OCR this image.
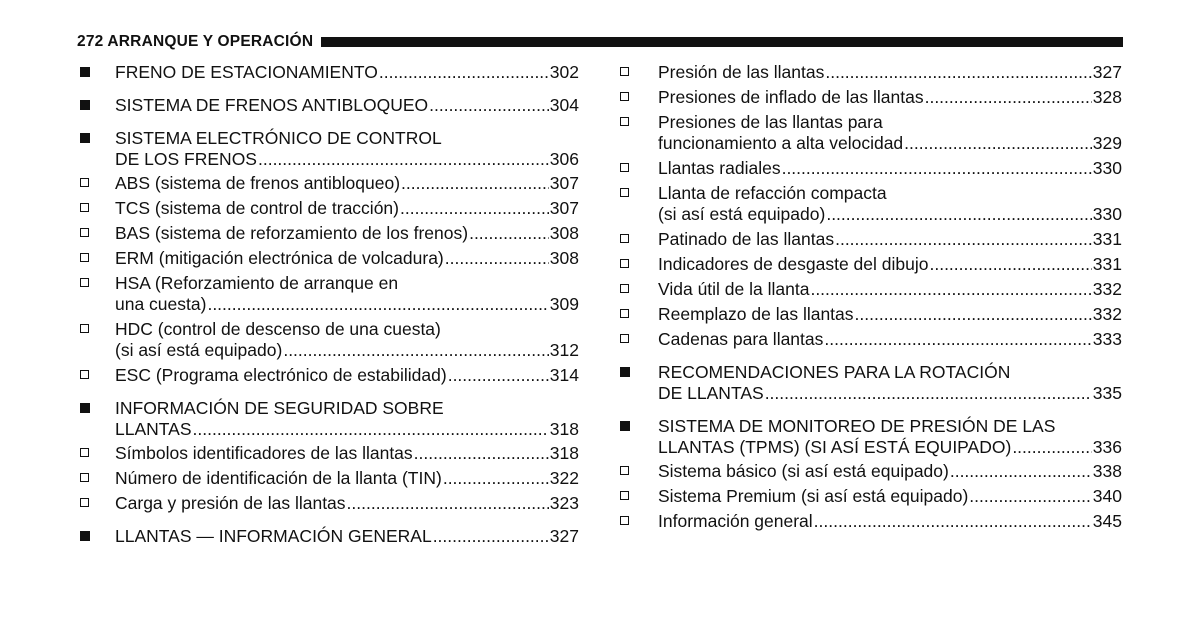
272 ARRANQUE Y OPERACIÓN
FRENO DE ESTACIONAMIENTO .....	302
SISTEMA DE FRENOS ANTIBLOQUEO .....	304
SISTEMA ELECTRÓNICO DE CONTROL
DE LOS FRENOS .....	306
ABS (sistema de frenos antibloqueo) .....	307
TCS (sistema de control de tracción) .....	307
BAS (sistema de reforzamiento de los frenos) .....	308
ERM (mitigación electrónica de volcadura) .....	308
HSA (Reforzamiento de arranque en
una cuesta) .....	309
HDC (control de descenso de una cuesta)
(si así está equipado) .....	312
ESC (Programa electrónico de estabilidad) .....	314
INFORMACIÓN DE SEGURIDAD SOBRE
LLANTAS .....	318
Símbolos identificadores de las llantas .....	318
Número de identificación de la llanta (TIN) .....	322
Carga y presión de las llantas .....	323
LLANTAS — INFORMACIÓN GENERAL .....	327
Presión de las llantas .....	327
Presiones de inflado de las llantas .....	328
Presiones de las llantas para
funcionamiento a alta velocidad .....	329
Llantas radiales .....	330
Llanta de refacción compacta
(si así está equipado) .....	330
Patinado de las llantas .....	331
Indicadores de desgaste del dibujo .....	331
Vida útil de la llanta .....	332
Reemplazo de las llantas .....	332
Cadenas para llantas .....	333
RECOMENDACIONES PARA LA ROTACIÓN
DE LLANTAS .....	335
SISTEMA DE MONITOREO DE PRESIÓN DE LAS
LLANTAS (TPMS) (SI ASÍ ESTÁ EQUIPADO) .....	336
Sistema básico (si así está equipado) .....	338
Sistema Premium (si así está equipado) .....	340
Información general .....	345
